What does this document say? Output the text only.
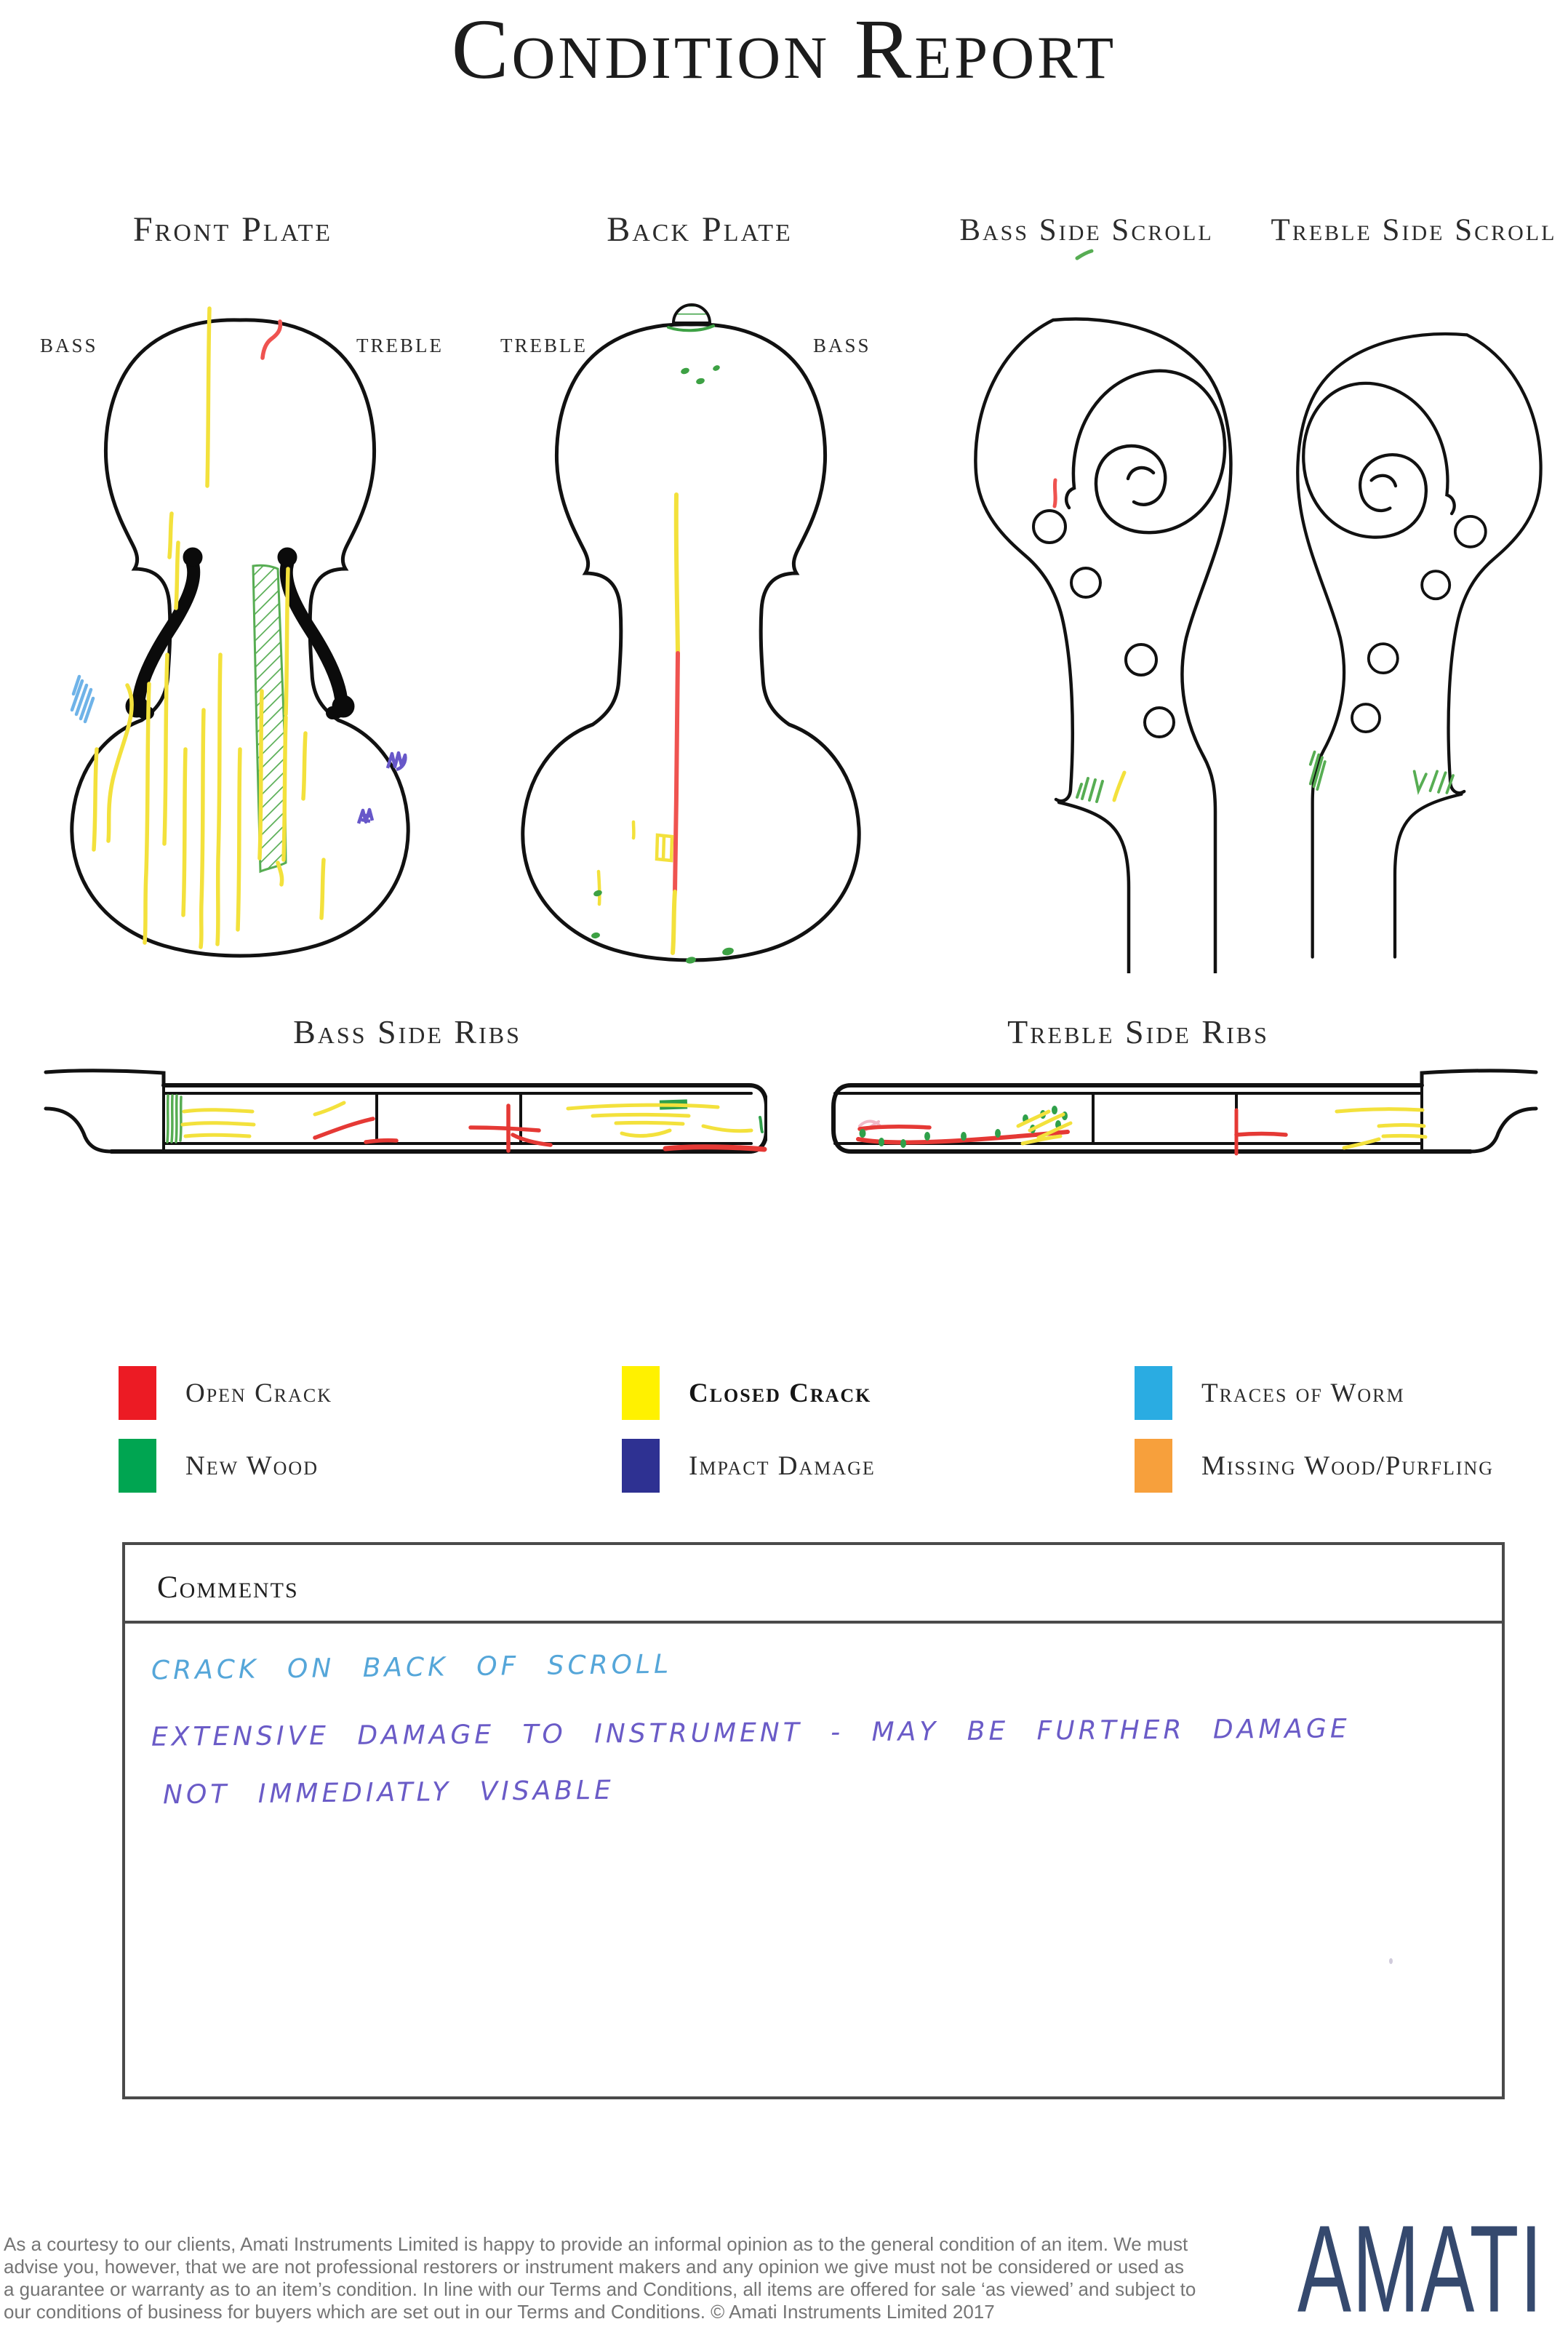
Condition Report
Front Plate	Back Plate	Bass Side Scroll Treble Side Scroll
Bass Side Ribs	Treble Side Ribs
BASS	TREBLE	TREBLE	BASS
Open Crack	Closed Crack	Traces of Worm
New Wood	Impact Damage	Missing Wood/Purfling
Comments
CRACK ON BACK OF SCROLL
EXTENSIVE DAMAGE TO INSTRUMENT - MAY BE FURTHER DAMAGE
NOT IMMEDIATLY VISABLE
As a courtesy to our clients, Amati Instruments Limited is happy to provide an informal opinion as to the general condition of an item. We must
advise you, however, that we are not professional restorers or instrument makers and any opinion we give must not be considered or used as
a guarantee or warranty as to an item’s condition. In line with our Terms and Conditions, all items are offered for sale ‘as viewed’ and subject to
our conditions of business for buyers which are set out in our Terms and Conditions. © Amati Instruments Limited 2017	AMATI
